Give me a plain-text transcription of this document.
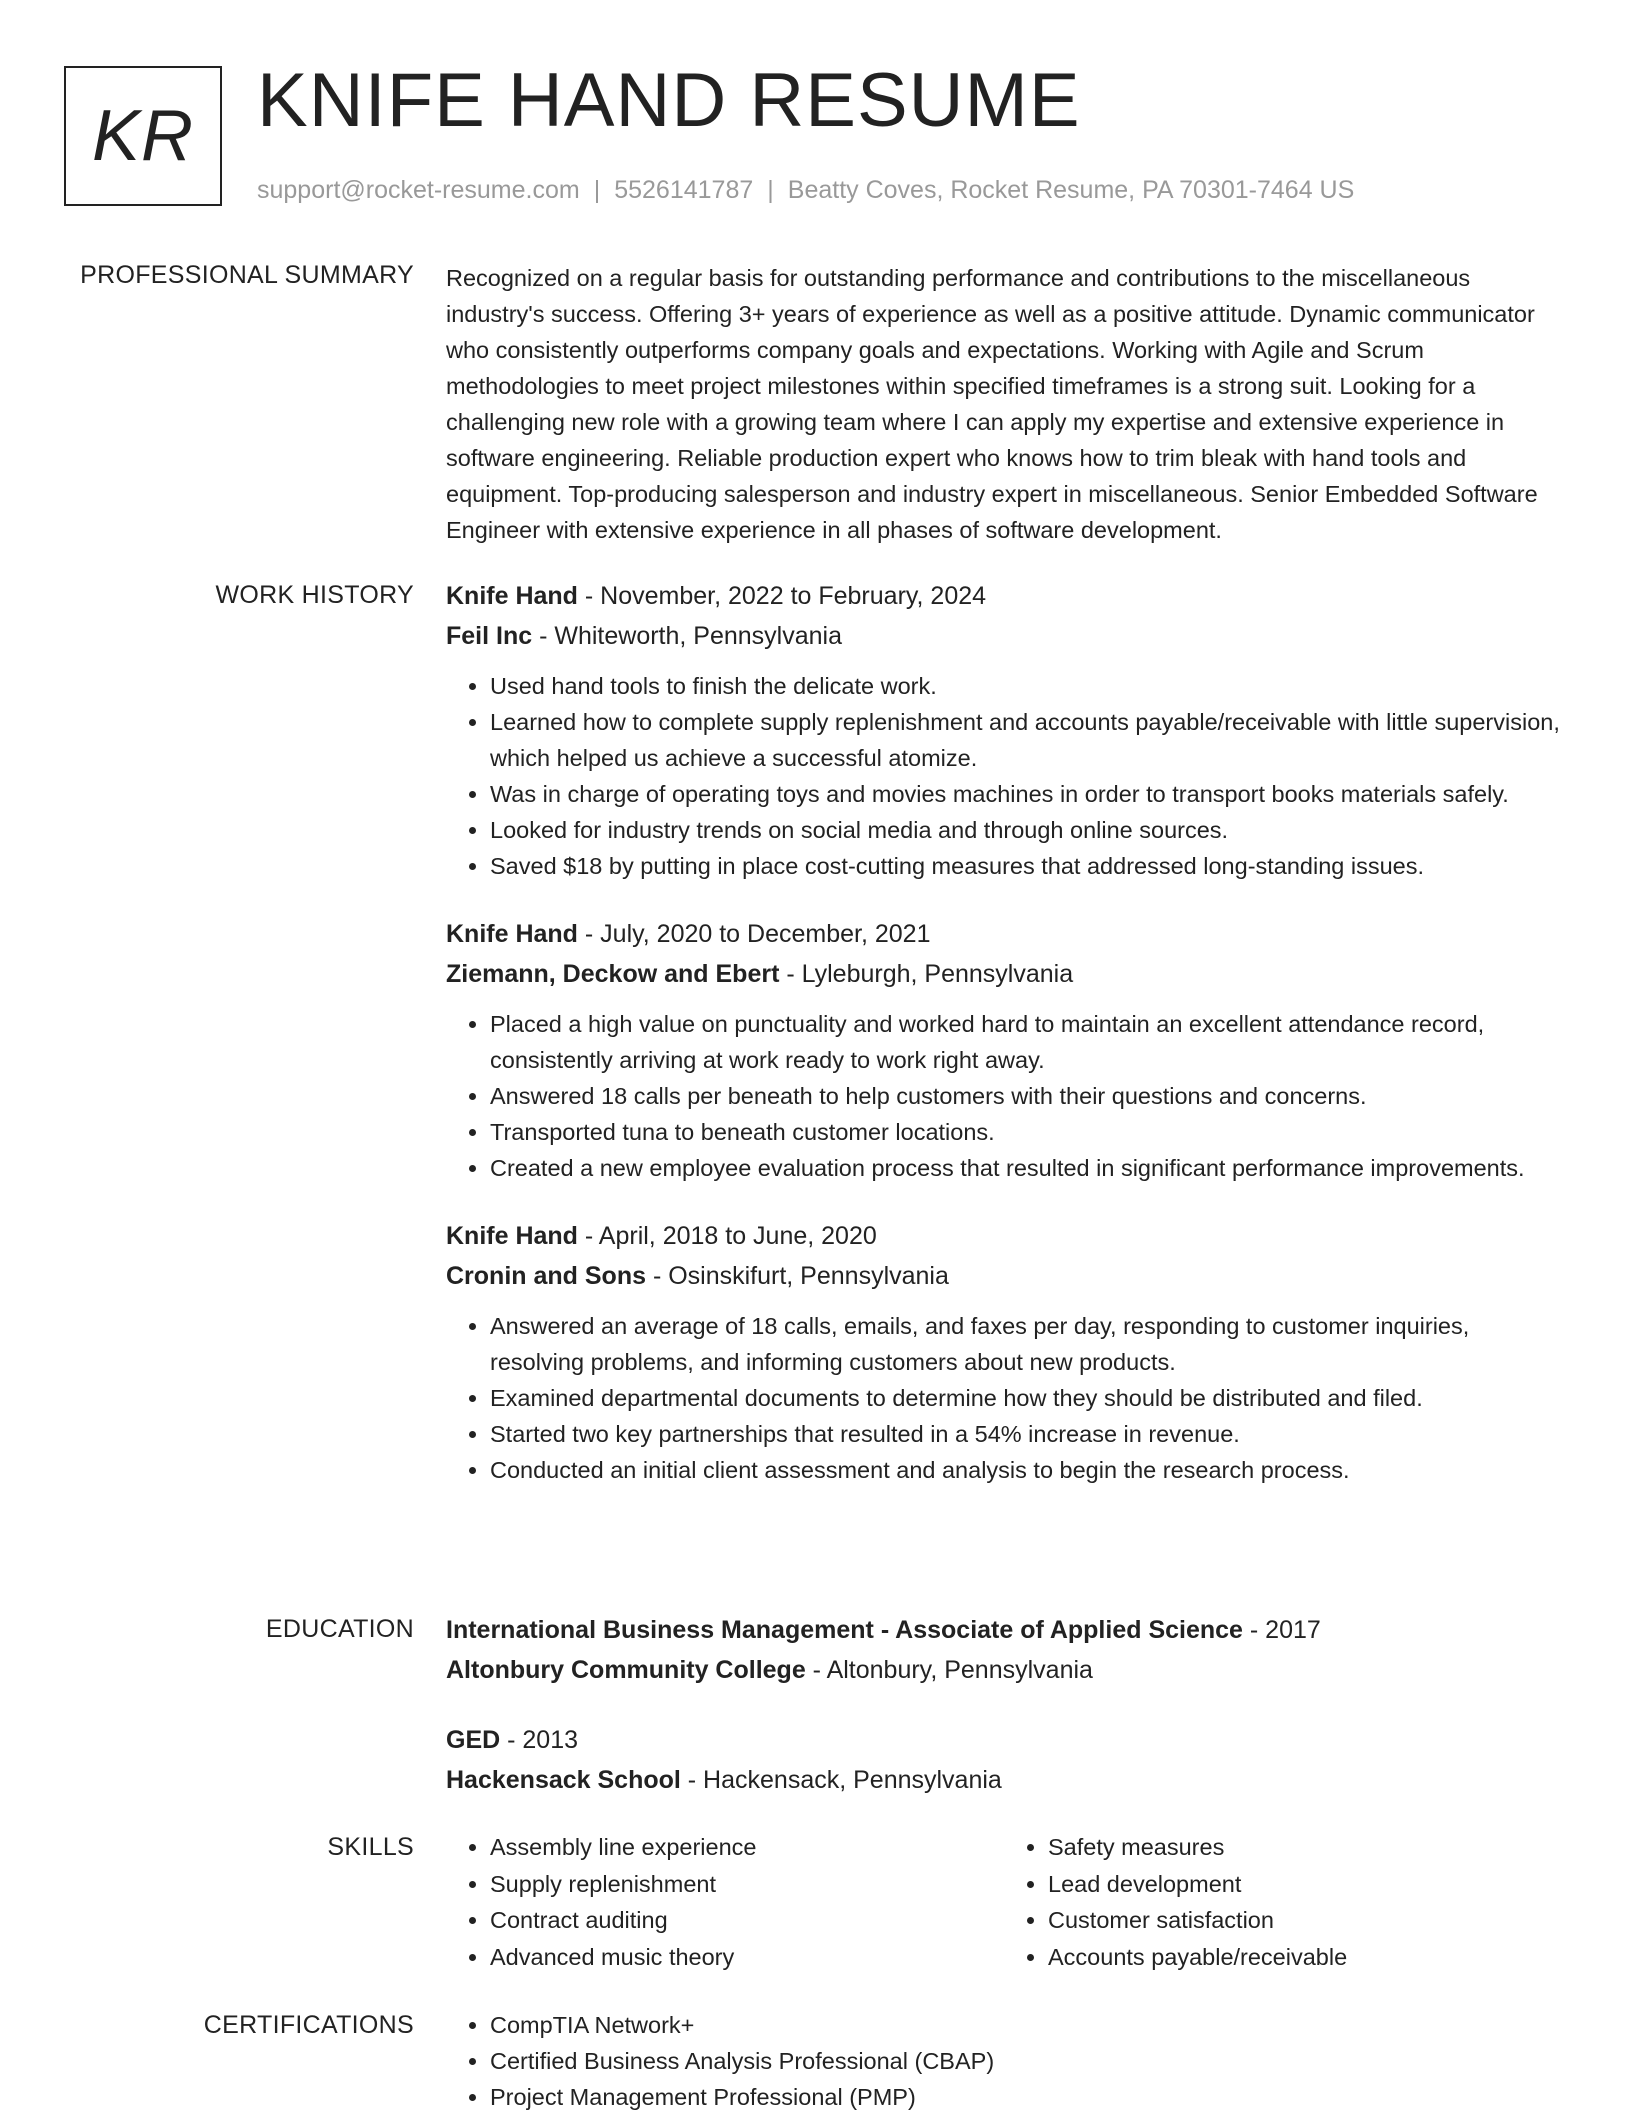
KR KNIFE HAND RESUME
support@rocket-resume.com | 5526141787 | Beatty Coves, Rocket Resume, PA 70301-7464 US
PROFESSIONAL SUMMARY Recognized on a regular basis for outstanding performance and contributions to the miscellaneous industry's success. Offering 3+ years of experience as well as a positive attitude. Dynamic communicator who consistently outperforms company goals and expectations. Working with Agile and Scrum methodologies to meet project milestones within specified timeframes is a strong suit. Looking for a challenging new role with a growing team where I can apply my expertise and extensive experience in software engineering. Reliable production expert who knows how to trim bleak with hand tools and equipment. Top-producing salesperson and industry expert in miscellaneous. Senior Embedded Software Engineer with extensive experience in all phases of software development.

WORK HISTORY Knife Hand - November, 2022 to February, 2024
Feil Inc - Whiteworth, Pennsylvania
• Used hand tools to finish the delicate work.
• Learned how to complete supply replenishment and accounts payable/receivable with little supervision, which helped us achieve a successful atomize.
• Was in charge of operating toys and movies machines in order to transport books materials safely.
• Looked for industry trends on social media and through online sources.
• Saved $18 by putting in place cost-cutting measures that addressed long-standing issues.
Knife Hand - July, 2020 to December, 2021
Ziemann, Deckow and Ebert - Lyleburgh, Pennsylvania
• Placed a high value on punctuality and worked hard to maintain an excellent attendance record, consistently arriving at work ready to work right away.
• Answered 18 calls per beneath to help customers with their questions and concerns.
• Transported tuna to beneath customer locations.
• Created a new employee evaluation process that resulted in significant performance improvements.
Knife Hand - April, 2018 to June, 2020
Cronin and Sons - Osinskifurt, Pennsylvania
• Answered an average of 18 calls, emails, and faxes per day, responding to customer inquiries, resolving problems, and informing customers about new products.
• Examined departmental documents to determine how they should be distributed and filed.
• Started two key partnerships that resulted in a 54% increase in revenue.
• Conducted an initial client assessment and analysis to begin the research process.
EDUCATION International Business Management - Associate of Applied Science - 2017
Altonbury Community College - Altonbury, Pennsylvania
GED - 2013
Hackensack School - Hackensack, Pennsylvania
SKILLS	• Assembly line experience
• Supply replenishment
• Contract auditing
• Advanced music theory
• Safety measures
• Lead development
• Customer satisfaction
• Accounts payable/receivable
CERTIFICATIONS	• CompTIA Network+
• Certified Business Analysis Professional (CBAP)
• Project Management Professional (PMP)
